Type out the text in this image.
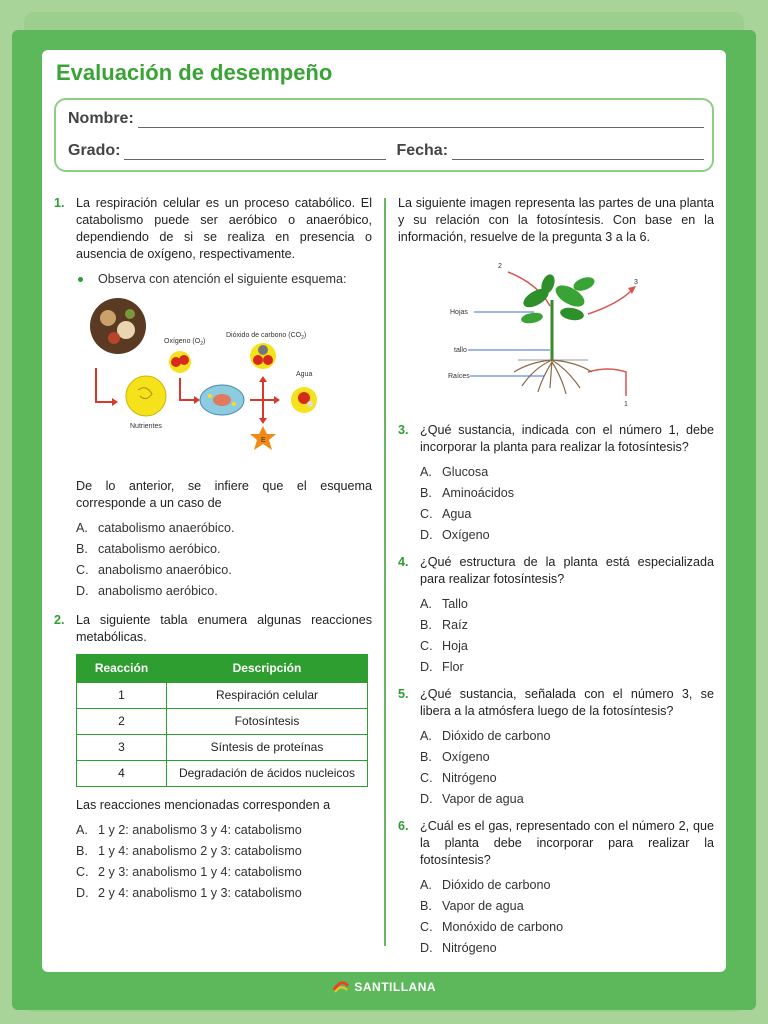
Evaluación de desempeño
Nombre:
Grado:	Fecha:
1. La respiración celular es un proceso catabólico. El catabolismo puede ser aeróbico o anaeróbico, dependiendo de si se realiza en presencia o ausencia de oxígeno, respectivamente.
Observa con atención el siguiente esquema:
Nutrientes
Oxígeno $(O_2)$
Dióxido de carbono $(CO_2)$
Agua
E
De lo anterior, se infiere que el esquema corresponde a un caso de
A. catabolismo anaeróbico.
B. catabolismo aeróbico.
C. anabolismo anaeróbico.
D. anabolismo aeróbico.
2. La siguiente tabla enumera algunas reacciones metabólicas.
Reacción	Descripción
1	Respiración celular
2	Fotosíntesis
3	Síntesis de proteínas
4	Degradación de ácidos nucleicos
Las reacciones mencionadas corresponden a
A. 1 y 2: anabolismo 3 y 4: catabolismo
B. 1 y 4: anabolismo 2 y 3: catabolismo
C. 2 y 3: anabolismo 1 y 4: catabolismo
D. 2 y 4: anabolismo 1 y 3: catabolismo
La siguiente imagen representa las partes de una planta y su relación con la fotosíntesis. Con base en la información, resuelve de la pregunta 3 a la 6.
2
3
1
Hojas
tallo
Raíces
3. ¿Qué sustancia, indicada con el número 1, debe incorporar la planta para realizar la fotosíntesis?
A. Glucosa
B. Aminoácidos
C. Agua
D. Oxígeno
4. ¿Qué estructura de la planta está especializada para realizar fotosíntesis?
A. Tallo
B. Raíz
C. Hoja
D. Flor
5. ¿Qué sustancia, señalada con el número 3, se libera a la atmósfera luego de la fotosíntesis?
A. Dióxido de carbono
B. Oxígeno
C. Nitrógeno
D. Vapor de agua
6. ¿Cuál es el gas, representado con el número 2, que la planta debe incorporar para realizar la fotosíntesis?
A. Dióxido de carbono
B. Vapor de agua
C. Monóxido de carbono
D. Nitrógeno
SANTILLANA
